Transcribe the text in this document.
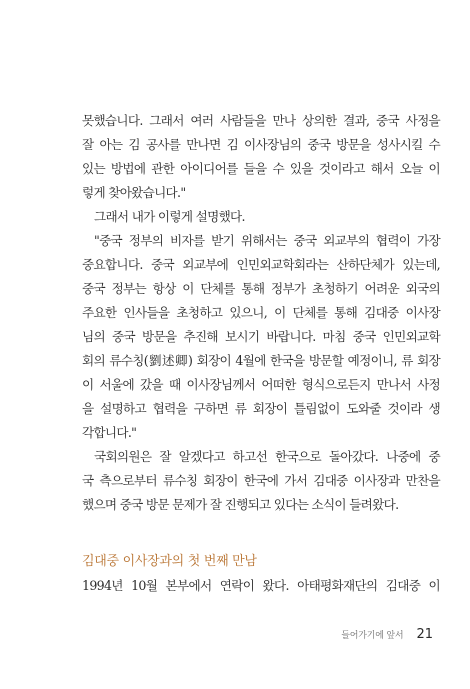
못했습니다. 그래서 여러 사람들을 만나 상의한 결과, 중국 사정을
잘 아는 김 공사를 만나면 김 이사장님의 중국 방문을 성사시킬 수
있는 방법에 관한 아이디어를 들을 수 있을 것이라고 해서 오늘 이
렇게 찾아왔습니다."
그래서 내가 이렇게 설명했다.
"중국 정부의 비자를 받기 위해서는 중국 외교부의 협력이 가장
중요합니다. 중국 외교부에 인민외교학회라는 산하단체가 있는데,
중국 정부는 항상 이 단체를 통해 정부가 초청하기 어려운 외국의
주요한 인사들을 초청하고 있으니, 이 단체를 통해 김대중 이사장
님의 중국 방문을 추진해 보시기 바랍니다. 마침 중국 인민외교학
회의 류수칭(劉述卿) 회장이 4월에 한국을 방문할 예정이니, 류 회장
이 서울에 갔을 때 이사장님께서 어떠한 형식으로든지 만나서 사정
을 설명하고 협력을 구하면 류 회장이 틀림없이 도와줄 것이라 생
각합니다."
국회의원은 잘 알겠다고 하고선 한국으로 돌아갔다. 나중에 중
국 측으로부터 류수칭 회장이 한국에 가서 김대중 이사장과 만찬을
했으며 중국 방문 문제가 잘 진행되고 있다는 소식이 들려왔다.
김대중 이사장과의 첫 번째 만남
1994년 10월 본부에서 연락이 왔다. 아태평화재단의 김대중 이
들어가기에 앞서 21
